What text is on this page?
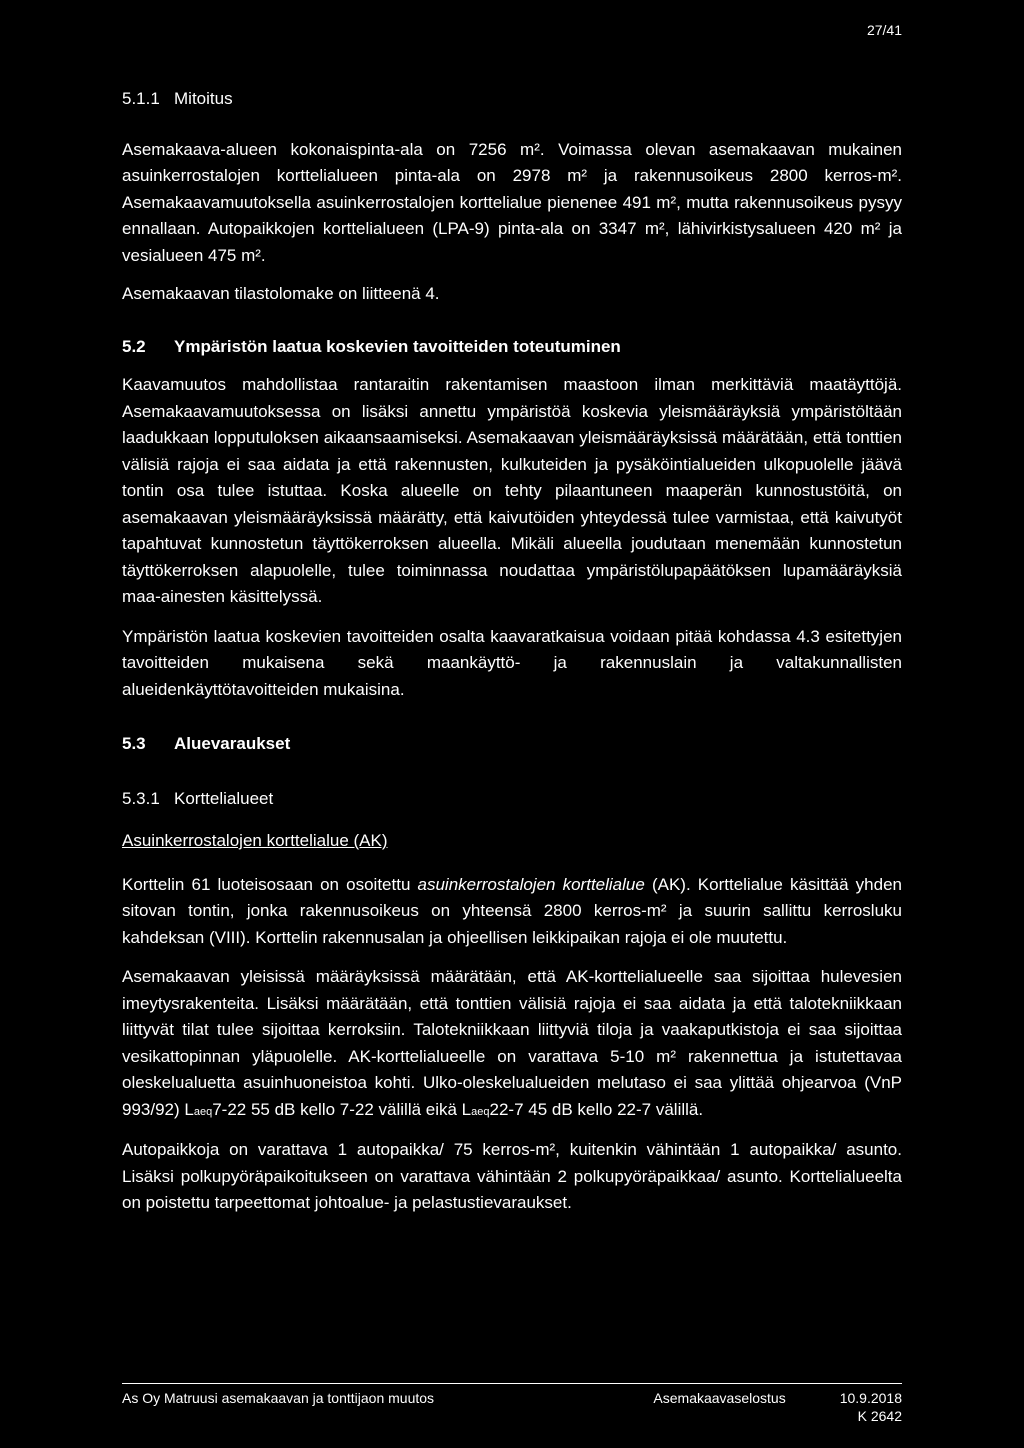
27/41
5.1.1 Mitoitus

Asemakaava-alueen kokonaispinta-ala on 7256 m². Voimassa olevan asemakaavan mukainen asuinkerrostalojen korttelialueen pinta-ala on 2978 m² ja rakennusoikeus 2800 kerros-m². Asemakaavamuutoksella asuinkerrostalojen korttelialue pienenee 491 m², mutta rakennusoikeus pysyy ennallaan. Autopaikkojen korttelialueen (LPA-9) pinta-ala on 3347 m², lähivirkistysalueen 420 m² ja vesialueen 475 m².

Asemakaavan tilastolomake on liitteenä 4.

5.2 Ympäristön laatua koskevien tavoitteiden toteutuminen

Kaavamuutos mahdollistaa rantaraitin rakentamisen maastoon ilman merkittäviä maatäyttöjä. Asemakaavamuutoksessa on lisäksi annettu ympäristöä koskevia yleismääräyksiä ympäristöltään laadukkaan lopputuloksen aikaansaamiseksi. Asemakaavan yleismääräyksissä määrätään, että tonttien välisiä rajoja ei saa aidata ja että rakennusten, kulkuteiden ja pysäköintialueiden ulkopuolelle jäävä tontin osa tulee istuttaa. Koska alueelle on tehty pilaantuneen maaperän kunnostustöitä, on asemakaavan yleismääräyksissä määrätty, että kaivutöiden yhteydessä tulee varmistaa, että kaivutyöt tapahtuvat kunnostetun täyttökerroksen alueella. Mikäli alueella joudutaan menemään kunnostetun täyttökerroksen alapuolelle, tulee toiminnassa noudattaa ympäristölupapäätöksen lupamääräyksiä maa-ainesten käsittelyssä.

Ympäristön laatua koskevien tavoitteiden osalta kaavaratkaisua voidaan pitää kohdassa 4.3 esitettyjen tavoitteiden mukaisena sekä maankäyttö- ja rakennuslain ja valtakunnallisten alueidenkäyttötavoitteiden mukaisina.

5.3 Aluevaraukset
5.3.1 Korttelialueet

Asuinkerrostalojen korttelialue (AK)

Korttelin 61 luoteisosaan on osoitettu asuinkerrostalojen korttelialue (AK). Korttelialue käsittää yhden sitovan tontin, jonka rakennusoikeus on yhteensä 2800 kerros-m² ja suurin sallittu kerrosluku kahdeksan (VIII). Korttelin rakennusalan ja ohjeellisen leikkipaikan rajoja ei ole muutettu.

Asemakaavan yleisissä määräyksissä määrätään, että AK-korttelialueelle saa sijoittaa hulevesien imeytysrakenteita. Lisäksi määrätään, että tonttien välisiä rajoja ei saa aidata ja että talotekniikkaan liittyvät tilat tulee sijoittaa kerroksiin. Talotekniikkaan liittyviä tiloja ja vaakaputkistoja ei saa sijoittaa vesikattopinnan yläpuolelle. AK-korttelialueelle on varattava 5-10 m² rakennettua ja istutettavaa oleskelualuetta asuinhuoneistoa kohti. Ulko-oleskelualueiden melutaso ei saa ylittää ohjearvoa (VnP 993/92) Laeq7-22 55 dB kello 7-22 välillä eikä Laeq22-7 45 dB kello 22-7 välillä.

Autopaikkoja on varattava 1 autopaikka/ 75 kerros-m², kuitenkin vähintään 1 autopaikka/ asunto. Lisäksi polkupyöräpaikoitukseen on varattava vähintään 2 polkupyöräpaikkaa/ asunto. Korttelialueelta on poistettu tarpeettomat johtoalue- ja pelastustievaraukset.

As Oy Matruusi asemakaavan ja tonttijaon muutos	Asemakaavaselostus	10.9.2018
K 2642
